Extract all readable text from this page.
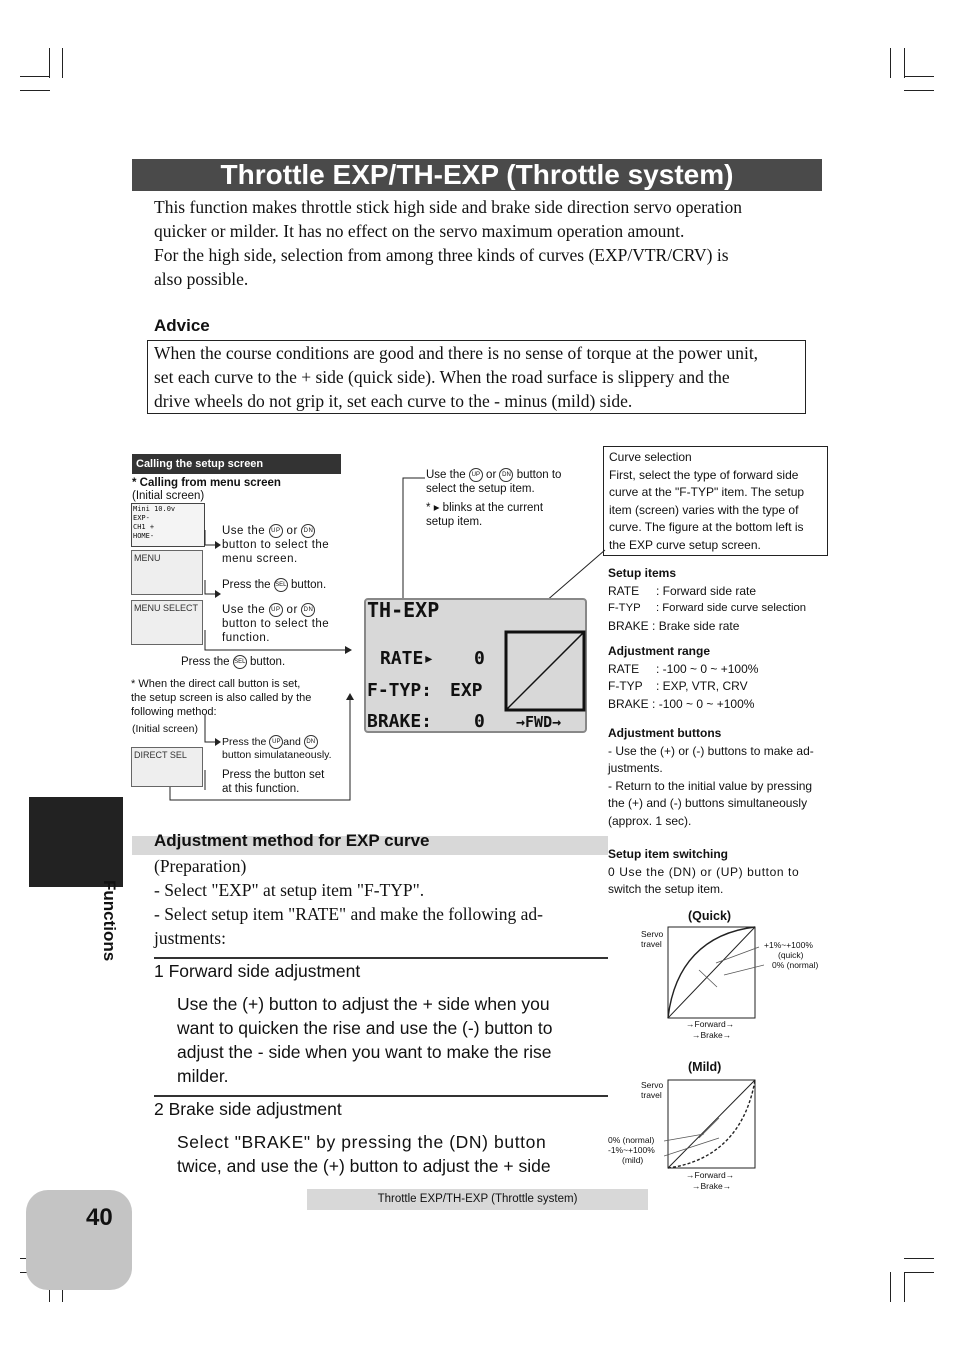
Throttle EXP/TH-EXP (Throttle system)
This function makes throttle stick high side and brake side direction servo operation
quicker or milder. It has no effect on the servo maximum operation amount.
For the high side, selection from among three kinds of curves (EXP/VTR/CRV) is
also possible.
Advice
When the course conditions are good and there is no sense of torque at the power unit,
set each curve to the + side (quick side). When the road surface is slippery and the
drive wheels do not grip it, set each curve to the - minus (mild) side.
Calling the setup screen
* Calling from menu screen
(Initial screen)
Mini 10.0v
EXP-
CH1 +
HOME-
MENU
MENU SELECT
DIRECT SEL
Use the UP or DN
button to select the
menu screen.
Press the SEL button.
Use the UP or DN
button to select the
function.
Press the SEL button.
* When the direct call button is set,
the setup screen is also called by the
following method:
(Initial screen)
Press the UP and DN
button simulataneously.
Press the button set
at this function.
Use the UP or DN button to
select the setup item.
* ▸ blinks at the current
setup item.
TH-EXP
RATE▸ 0
F-TYP: EXP
BRAKE: 0 →FWD→
Curve selection
First, select the type of forward side
curve at the "F-TYP" item. The setup
item (screen) varies with the type of
curve. The figure at the bottom left is
the EXP curve setup screen.
Setup items
RATE : Forward side rate
F-TYP : Forward side curve selection
BRAKE : Brake side rate
Adjustment range
RATE : -100 ~ 0 ~ +100%
F-TYP : EXP, VTR, CRV
BRAKE : -100 ~ 0 ~ +100%
Adjustment buttons
- Use the (+) or (-) buttons to make ad-
justments.
- Return to the initial value by pressing
the (+) and (-) buttons simultaneously
(approx. 1 sec).
Setup item switching
0 Use the (DN) or (UP) button to
switch the setup item.
(Quick)
Servo
travel	+1%~+100%
(quick)
0% (normal)
→Forward→
→Brake→
(Mild)
Servo
travel
0% (normal)
-1%~+100%
(mild)
→Forward→
→Brake→
Adjustment method for EXP curve
(Preparation)
- Select "EXP" at setup item "F-TYP".
- Select setup item "RATE" and make the following ad-
justments:
1 Forward side adjustment
Use the (+) button to adjust the + side when you
want to quicken the rise and use the (-) button to
adjust the - side when you want to make the rise
milder.
2 Brake side adjustment
Select "BRAKE" by pressing the (DN) button
twice, and use the (+) button to adjust the + side
Functions
40
Throttle EXP/TH-EXP (Throttle system)
